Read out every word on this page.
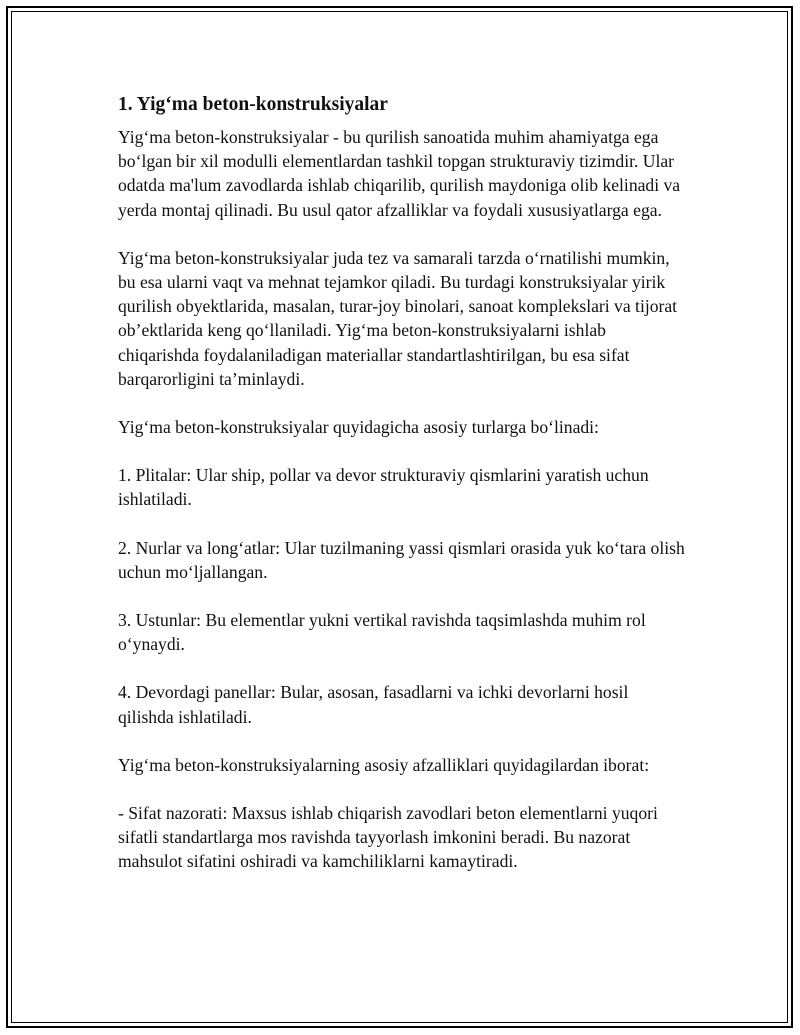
1. Yig‘ma beton-konstruksiyalar

Yig‘ma beton-konstruksiyalar - bu qurilish sanoatida muhim ahamiyatga ega bo‘lgan bir xil modulli elementlardan tashkil topgan strukturaviy tizimdir. Ular odatda ma'lum zavodlarda ishlab chiqarilib, qurilish maydoniga olib kelinadi va yerda montaj qilinadi. Bu usul qator afzalliklar va foydali xususiyatlarga ega.

Yig‘ma beton-konstruksiyalar juda tez va samarali tarzda o‘rnatilishi mumkin, bu esa ularni vaqt va mehnat tejamkor qiladi. Bu turdagi konstruksiyalar yirik qurilish obyektlarida, masalan, turar-joy binolari, sanoat komplekslari va tijorat ob’ektlarida keng qo‘llaniladi. Yig‘ma beton-konstruksiyalarni ishlab chiqarishda foydalaniladigan materiallar standartlashtirilgan, bu esa sifat barqarorligini ta’minlaydi.

Yig‘ma beton-konstruksiyalar quyidagicha asosiy turlarga bo‘linadi:

1. Plitalar: Ular ship, pollar va devor strukturaviy qismlarini yaratish uchun ishlatiladi.

2. Nurlar va long‘atlar: Ular tuzilmaning yassi qismlari orasida yuk ko‘tara olish uchun mo‘ljallangan.

3. Ustunlar: Bu elementlar yukni vertikal ravishda taqsimlashda muhim rol o‘ynaydi.

4. Devordagi panellar: Bular, asosan, fasadlarni va ichki devorlarni hosil qilishda ishlatiladi.

Yig‘ma beton-konstruksiyalarning asosiy afzalliklari quyidagilardan iborat:

- Sifat nazorati: Maxsus ishlab chiqarish zavodlari beton elementlarni yuqori sifatli standartlarga mos ravishda tayyorlash imkonini beradi. Bu nazorat mahsulot sifatini oshiradi va kamchiliklarni kamaytiradi.
